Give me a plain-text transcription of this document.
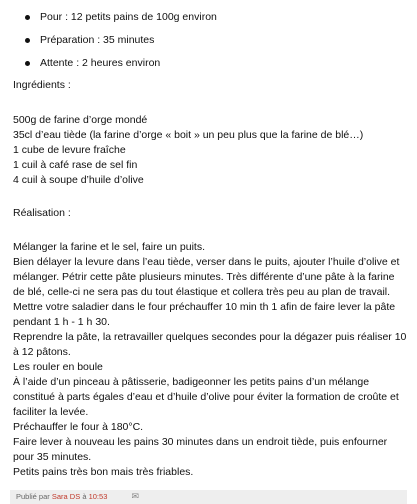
Pour : 12 petits pains de 100g environ
Préparation : 35 minutes
Attente : 2 heures environ

Ingrédients :

500g de farine d’orge mondé

35cl d’eau tiède (la farine d’orge « boit » un peu plus que la farine de blé…)

1 cube de levure fraîche

1 cuil à café rase de sel fin

4 cuil à soupe d’huile d’olive

Réalisation :

Mélanger la farine et le sel, faire un puits.

Bien délayer la levure dans l’eau tiède, verser dans le puits, ajouter l’huile d’olive et mélanger. Pétrir cette pâte plusieurs minutes. Très différente d’une pâte à la farine de blé, celle-ci ne sera pas du tout élastique et collera très peu au plan de travail.

Mettre votre saladier dans le four préchauffer 10 min th 1 afin de faire lever la pâte pendant 1 h - 1 h 30.

Reprendre la pâte, la retravailler quelques secondes pour la dégazer puis réaliser 10 à 12 pâtons.

Les rouler en boule

À l’aide d’un pinceau à pâtisserie, badigeonner les petits pains d’un mélange constitué à parts égales d’eau et d’huile d’olive pour éviter la formation de croûte et faciliter la levée.

Préchauffer le four à 180°C.

Faire lever à nouveau les pains 30 minutes dans un endroit tiède, puis enfourner pour 35 minutes.

Petits pains très bon mais très friables.

Publié par Sara DS à 10:53	✉
